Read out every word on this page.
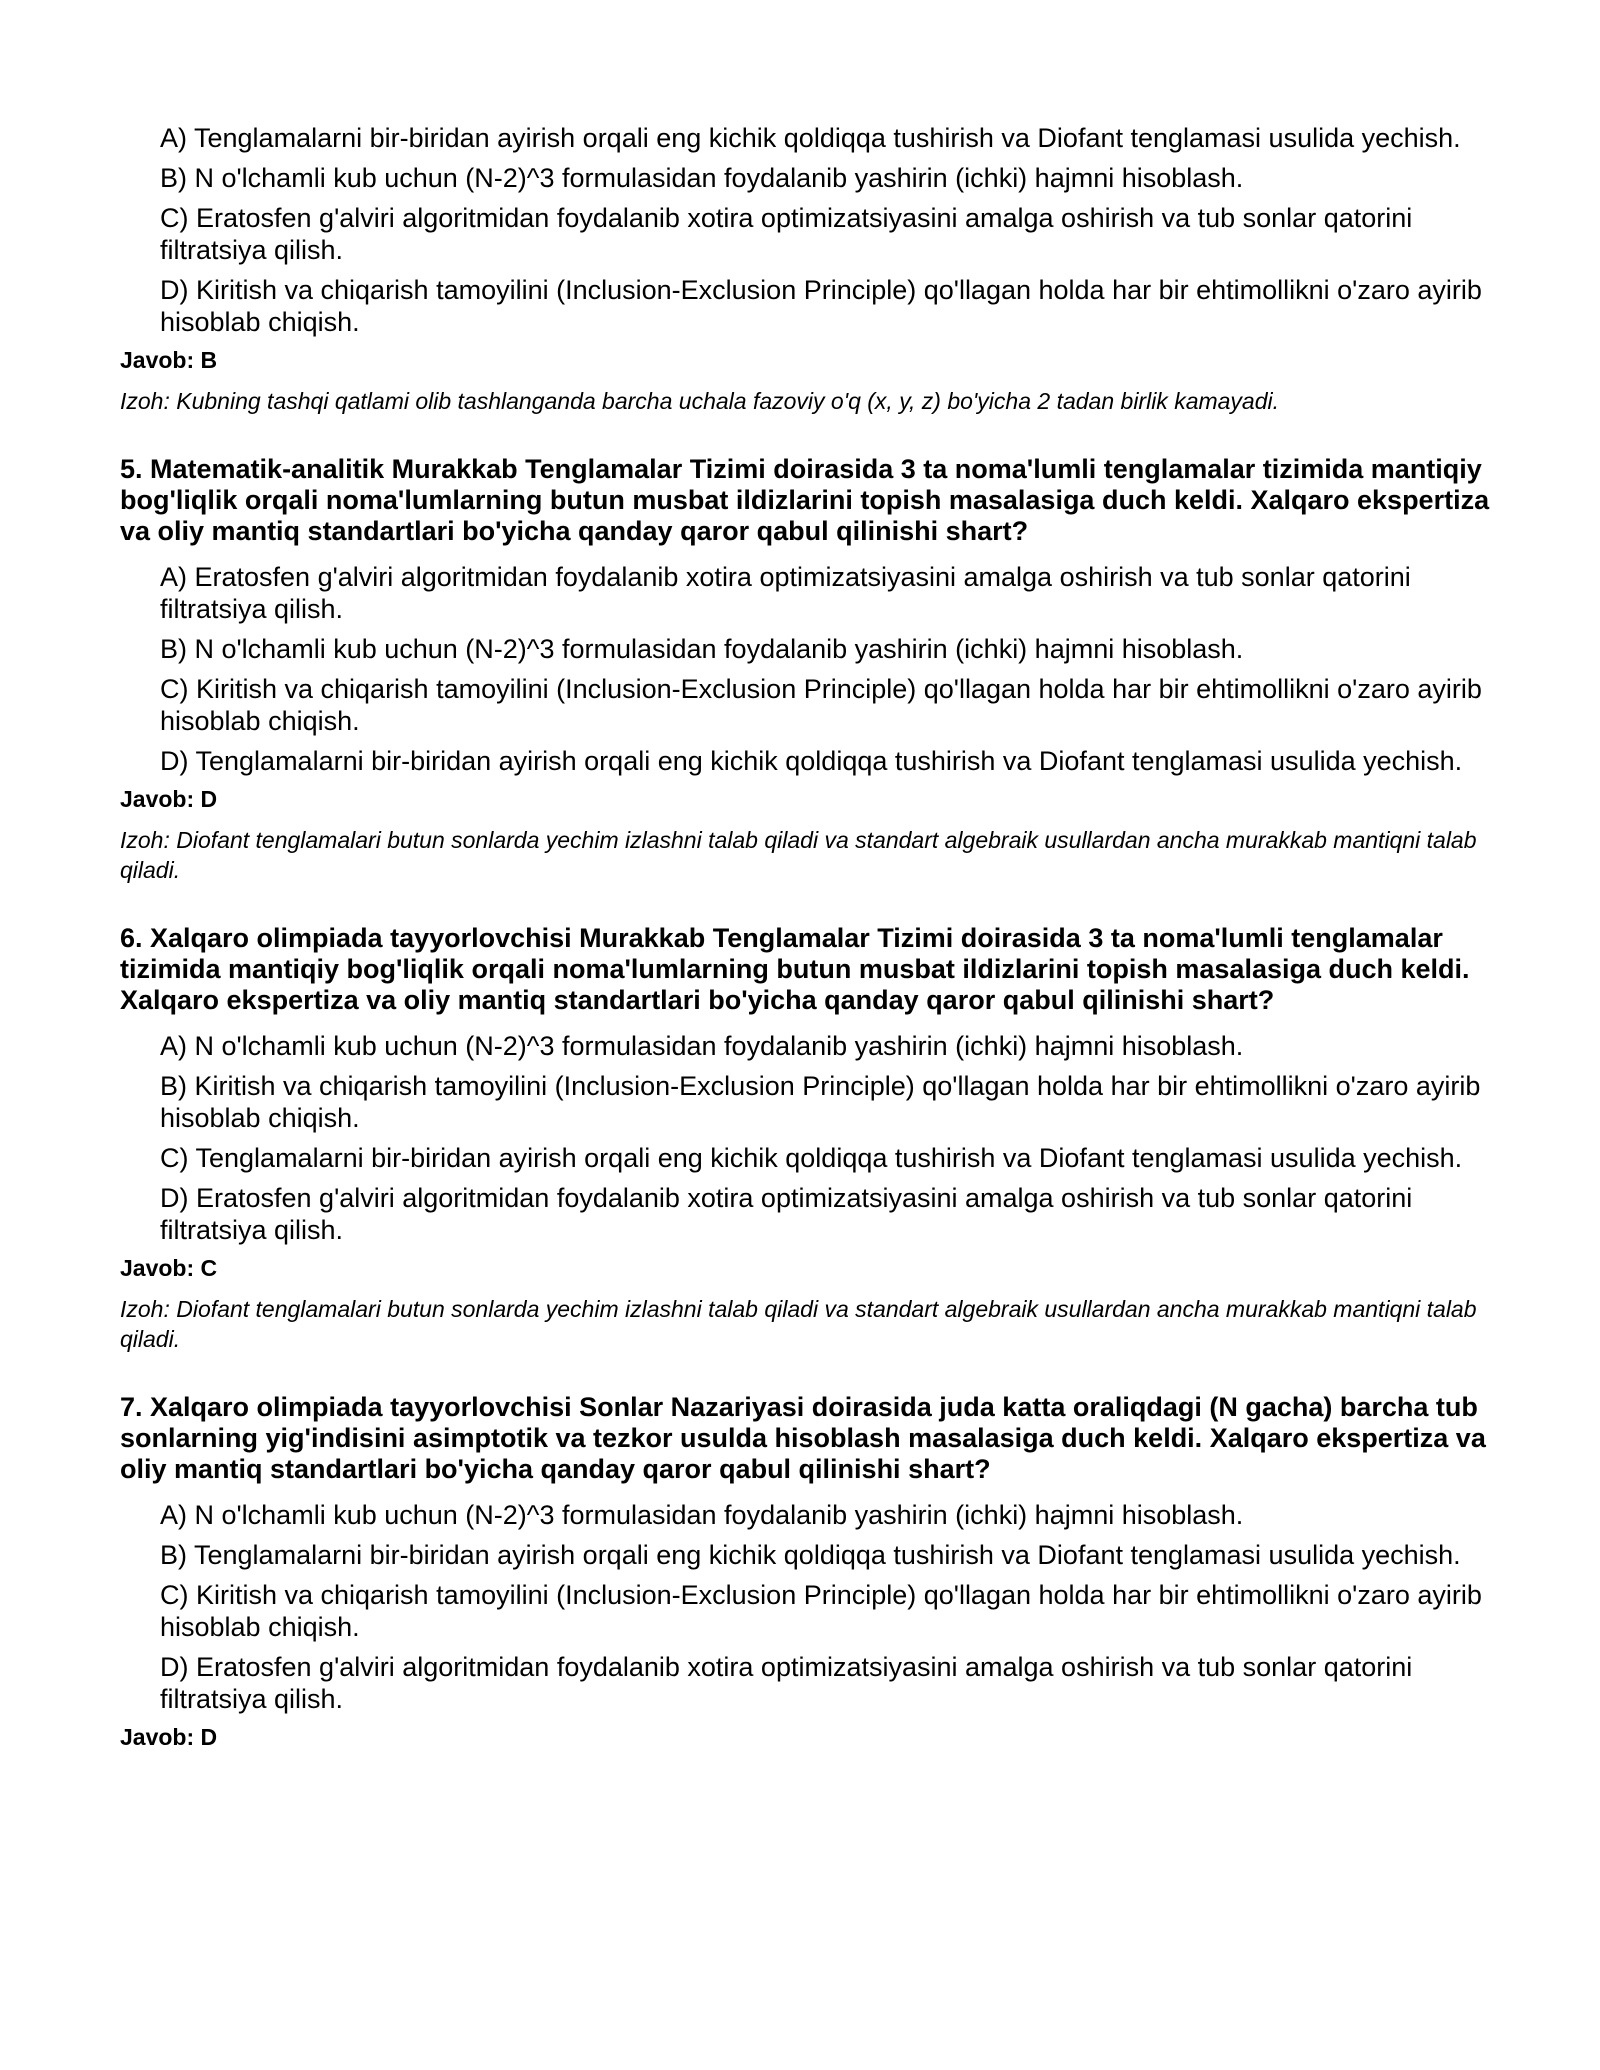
A) Tenglamalarni bir-biridan ayirish orqali eng kichik qoldiqqa tushirish va Diofant tenglamasi usulida yechish.

B) N o'lchamli kub uchun (N-2)^3 formulasidan foydalanib yashirin (ichki) hajmni hisoblash.

C) Eratosfen g'alviri algoritmidan foydalanib xotira optimizatsiyasini amalga oshirish va tub sonlar qatorini filtratsiya qilish.

D) Kiritish va chiqarish tamoyilini (Inclusion-Exclusion Principle) qo'llagan holda har bir ehtimollikni o'zaro ayirib hisoblab chiqish.

Javob: B

Izoh: Kubning tashqi qatlami olib tashlanganda barcha uchala fazoviy o'q (x, y, z) bo'yicha 2 tadan birlik kamayadi.

5. Matematik-analitik Murakkab Tenglamalar Tizimi doirasida 3 ta noma'lumli tenglamalar tizimida mantiqiy bog'liqlik orqali noma'lumlarning butun musbat ildizlarini topish masalasiga duch keldi. Xalqaro ekspertiza va oliy mantiq standartlari bo'yicha qanday qaror qabul qilinishi shart?

A) Eratosfen g'alviri algoritmidan foydalanib xotira optimizatsiyasini amalga oshirish va tub sonlar qatorini filtratsiya qilish.

B) N o'lchamli kub uchun (N-2)^3 formulasidan foydalanib yashirin (ichki) hajmni hisoblash.

C) Kiritish va chiqarish tamoyilini (Inclusion-Exclusion Principle) qo'llagan holda har bir ehtimollikni o'zaro ayirib hisoblab chiqish.

D) Tenglamalarni bir-biridan ayirish orqali eng kichik qoldiqqa tushirish va Diofant tenglamasi usulida yechish.

Javob: D

Izoh: Diofant tenglamalari butun sonlarda yechim izlashni talab qiladi va standart algebraik usullardan ancha murakkab mantiqni talab qiladi.

6. Xalqaro olimpiada tayyorlovchisi Murakkab Tenglamalar Tizimi doirasida 3 ta noma'lumli tenglamalar tizimida mantiqiy bog'liqlik orqali noma'lumlarning butun musbat ildizlarini topish masalasiga duch keldi. Xalqaro ekspertiza va oliy mantiq standartlari bo'yicha qanday qaror qabul qilinishi shart?

A) N o'lchamli kub uchun (N-2)^3 formulasidan foydalanib yashirin (ichki) hajmni hisoblash.

B) Kiritish va chiqarish tamoyilini (Inclusion-Exclusion Principle) qo'llagan holda har bir ehtimollikni o'zaro ayirib hisoblab chiqish.

C) Tenglamalarni bir-biridan ayirish orqali eng kichik qoldiqqa tushirish va Diofant tenglamasi usulida yechish.

D) Eratosfen g'alviri algoritmidan foydalanib xotira optimizatsiyasini amalga oshirish va tub sonlar qatorini filtratsiya qilish.

Javob: C

Izoh: Diofant tenglamalari butun sonlarda yechim izlashni talab qiladi va standart algebraik usullardan ancha murakkab mantiqni talab qiladi.

7. Xalqaro olimpiada tayyorlovchisi Sonlar Nazariyasi doirasida juda katta oraliqdagi (N gacha) barcha tub sonlarning yig'indisini asimptotik va tezkor usulda hisoblash masalasiga duch keldi. Xalqaro ekspertiza va oliy mantiq standartlari bo'yicha qanday qaror qabul qilinishi shart?

A) N o'lchamli kub uchun (N-2)^3 formulasidan foydalanib yashirin (ichki) hajmni hisoblash.

B) Tenglamalarni bir-biridan ayirish orqali eng kichik qoldiqqa tushirish va Diofant tenglamasi usulida yechish.

C) Kiritish va chiqarish tamoyilini (Inclusion-Exclusion Principle) qo'llagan holda har bir ehtimollikni o'zaro ayirib hisoblab chiqish.

D) Eratosfen g'alviri algoritmidan foydalanib xotira optimizatsiyasini amalga oshirish va tub sonlar qatorini filtratsiya qilish.

Javob: D
